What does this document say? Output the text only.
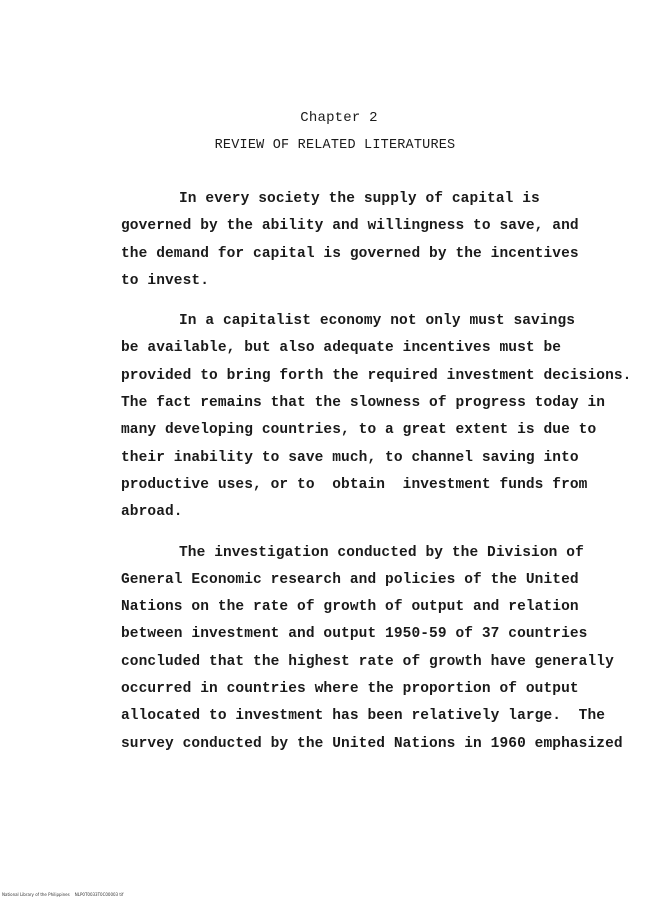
Chapter 2
REVIEW OF RELATED LITERATURES

In every society the supply of capital is
governed by the ability and willingness to save, and
the demand for capital is governed by the incentives
to invest.

In a capitalist economy not only must savings
be available, but also adequate incentives must be
provided to bring forth the required investment decisions.
The fact remains that the slowness of progress today in
many developing countries, to a great extent is due to
their inability to save much, to channel saving into
productive uses, or to  obtain  investment funds from
abroad.

The investigation conducted by the Division of
General Economic research and policies of the United
Nations on the rate of growth of output and relation
between investment and output 1950-59 of 37 countries
concluded that the highest rate of growth have generally
occurred in countries where the proportion of output
allocated to investment has been relatively large.  The
survey conducted by the United Nations in 1960 emphasized

National Library of the Philippines    NLP0T0033T0C00003 tif
